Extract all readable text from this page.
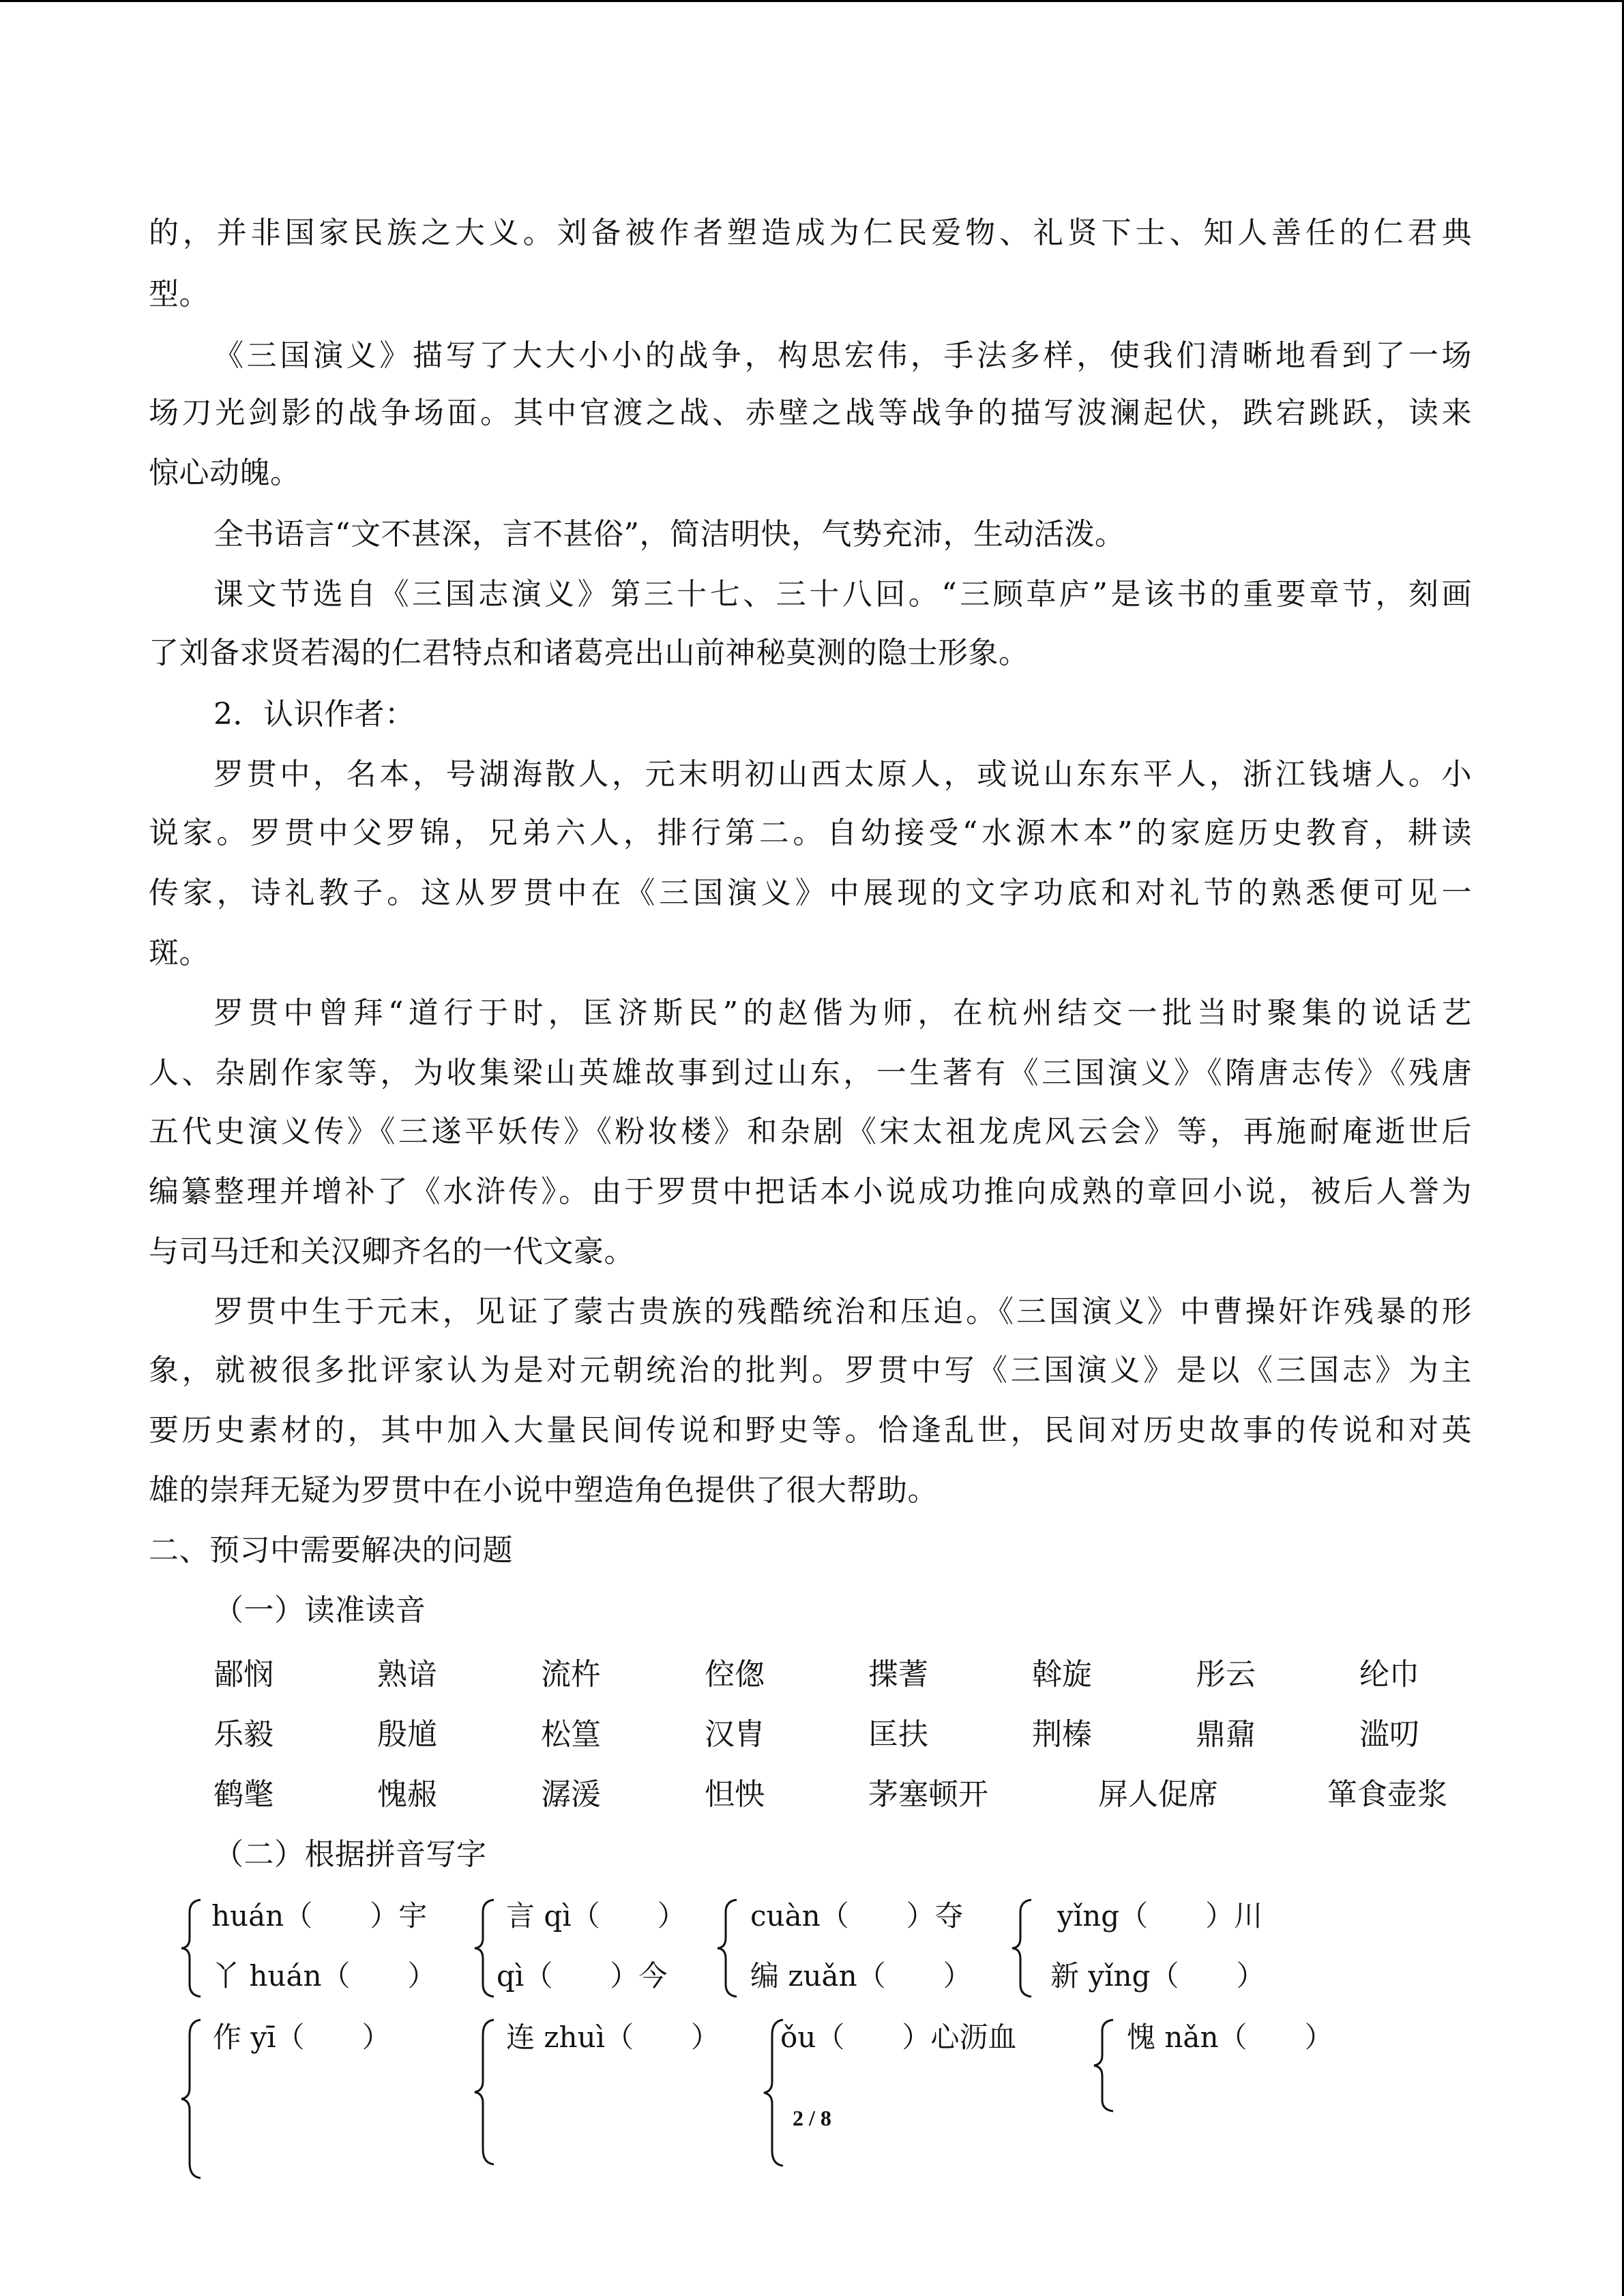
的，并非国家民族之大义。刘备被作者塑造成为仁民爱物、礼贤下士、知人善任的仁君典
型。
《三国演义》描写了大大小小的战争，构思宏伟，手法多样，使我们清晰地看到了一场
场刀光剑影的战争场面。其中官渡之战、赤壁之战等战争的描写波澜起伏，跌宕跳跃，读来
惊心动魄。
全书语言“文不甚深，言不甚俗”，简洁明快，气势充沛，生动活泼。
课文节选自《三国志演义》第三十七、三十八回。“三顾草庐”是该书的重要章节，刻画
了刘备求贤若渴的仁君特点和诸葛亮出山前神秘莫测的隐士形象。
2．认识作者：
罗贯中，名本，号湖海散人，元末明初山西太原人，或说山东东平人，浙江钱塘人。小
说家。罗贯中父罗锦，兄弟六人，排行第二。自幼接受“水源木本”的家庭历史教育，耕读
传家，诗礼教子。这从罗贯中在《三国演义》中展现的文字功底和对礼节的熟悉便可见一
斑。
罗贯中曾拜“道行于时，匡济斯民”的赵偕为师，在杭州结交一批当时聚集的说话艺
人、杂剧作家等，为收集梁山英雄故事到过山东，一生著有《三国演义》《隋唐志传》《残唐
五代史演义传》《三遂平妖传》《粉妆楼》和杂剧《宋太祖龙虎风云会》等，再施耐庵逝世后
编纂整理并增补了《水浒传》。由于罗贯中把话本小说成功推向成熟的章回小说，被后人誉为
与司马迁和关汉卿齐名的一代文豪。
罗贯中生于元末，见证了蒙古贵族的残酷统治和压迫。《三国演义》中曹操奸诈残暴的形
象，就被很多批评家认为是对元朝统治的批判。罗贯中写《三国演义》是以《三国志》为主
要历史素材的，其中加入大量民间传说和野史等。恰逢乱世，民间对历史故事的传说和对英
雄的崇拜无疑为罗贯中在小说中塑造角色提供了很大帮助。
二、预习中需要解决的问题
（一）读准读音
鄙悯	熟谙	流杵	倥偬	揲蓍	斡旋	彤云	纶巾
乐毅	殷馗	松篁	汉胄	匡扶	荆榛	鼎鼐	滥叨
鹤氅	愧赧	潺湲	怛怏	茅塞顿开	屏人促席	箪食壶浆
（二）根据拼音写字
huán（　　）宇
丫 huán（　　）
言 qì（　　）
qì（　　）今
cuàn（　　）夺
编 zuǎn（　　）
yǐng（　　）川
新 yǐng（　　）
作 yī（　　）	连 zhuì（　　） ǒu（　　）心沥血	愧 nǎn（　　）
2 / 8
